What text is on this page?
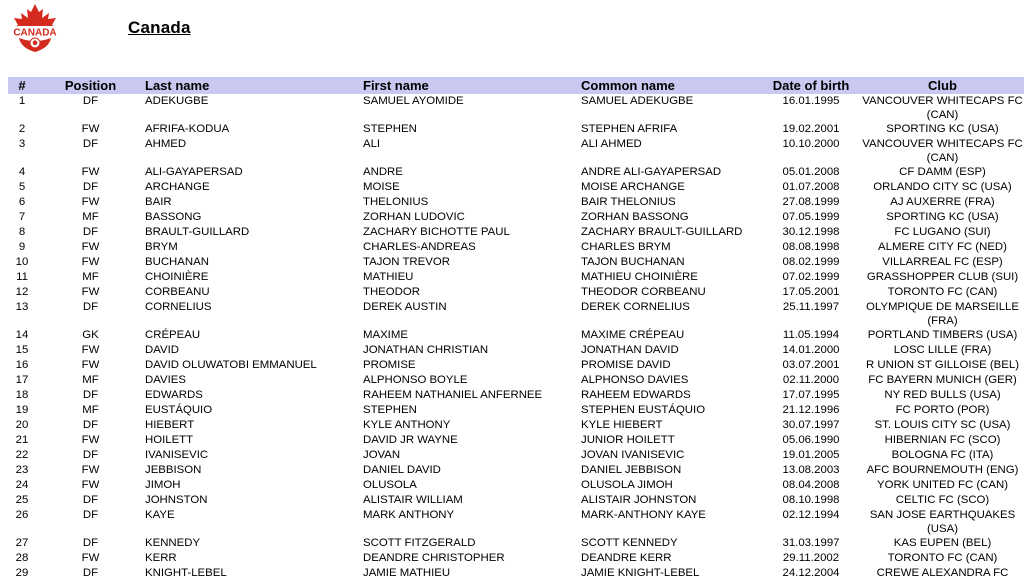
CANADA	Canada
#	Position	Last name	First name	Common name	Date of birth	Club
1	DF	ADEKUGBE	SAMUEL AYOMIDE	SAMUEL ADEKUGBE	16.01.1995	VANCOUVER WHITECAPS FC (CAN)
2	FW	AFRIFA-KODUA	STEPHEN	STEPHEN AFRIFA	19.02.2001	SPORTING KC (USA)
3	DF	AHMED	ALI	ALI AHMED	10.10.2000	VANCOUVER WHITECAPS FC (CAN)
4	FW	ALI-GAYAPERSAD	ANDRE	ANDRE ALI-GAYAPERSAD	05.01.2008	CF DAMM (ESP)
5	DF	ARCHANGE	MOISE	MOISE ARCHANGE	01.07.2008	ORLANDO CITY SC (USA)
6	FW	BAIR	THELONIUS	BAIR THELONIUS	27.08.1999	AJ AUXERRE (FRA)
7	MF	BASSONG	ZORHAN LUDOVIC	ZORHAN BASSONG	07.05.1999	SPORTING KC (USA)
8	DF	BRAULT-GUILLARD	ZACHARY BICHOTTE PAUL	ZACHARY BRAULT-GUILLARD	30.12.1998	FC LUGANO (SUI)
9	FW	BRYM	CHARLES-ANDREAS	CHARLES BRYM	08.08.1998	ALMERE CITY FC (NED)
10	FW	BUCHANAN	TAJON TREVOR	TAJON BUCHANAN	08.02.1999	VILLARREAL FC (ESP)
11	MF	CHOINIÈRE	MATHIEU	MATHIEU CHOINIÈRE	07.02.1999	GRASSHOPPER CLUB (SUI)
12	FW	CORBEANU	THEODOR	THEODOR CORBEANU	17.05.2001	TORONTO FC (CAN)
13	DF	CORNELIUS	DEREK AUSTIN	DEREK CORNELIUS	25.11.1997	OLYMPIQUE DE MARSEILLE (FRA)
14	GK	CRÉPEAU	MAXIME	MAXIME CRÉPEAU	11.05.1994	PORTLAND TIMBERS (USA)
15	FW	DAVID	JONATHAN CHRISTIAN	JONATHAN DAVID	14.01.2000	LOSC LILLE (FRA)
16	FW	DAVID OLUWATOBI EMMANUEL	PROMISE	PROMISE DAVID	03.07.2001	R UNION ST GILLOISE (BEL)
17	MF	DAVIES	ALPHONSO BOYLE	ALPHONSO DAVIES	02.11.2000	FC BAYERN MUNICH (GER)
18	DF	EDWARDS	RAHEEM NATHANIEL ANFERNEE	RAHEEM EDWARDS	17.07.1995	NY RED BULLS (USA)
19	MF	EUSTÁQUIO	STEPHEN	STEPHEN EUSTÁQUIO	21.12.1996	FC PORTO (POR)
20	DF	HIEBERT	KYLE ANTHONY	KYLE HIEBERT	30.07.1997	ST. LOUIS CITY SC (USA)
21	FW	HOILETT	DAVID JR WAYNE	JUNIOR HOILETT	05.06.1990	HIBERNIAN FC (SCO)
22	DF	IVANISEVIC	JOVAN	JOVAN IVANISEVIC	19.01.2005	BOLOGNA FC (ITA)
23	FW	JEBBISON	DANIEL DAVID	DANIEL JEBBISON	13.08.2003	AFC BOURNEMOUTH (ENG)
24	FW	JIMOH	OLUSOLA	OLUSOLA JIMOH	08.04.2008	YORK UNITED FC (CAN)
25	DF	JOHNSTON	ALISTAIR WILLIAM	ALISTAIR JOHNSTON	08.10.1998	CELTIC FC (SCO)
26	DF	KAYE	MARK ANTHONY	MARK-ANTHONY KAYE	02.12.1994	SAN JOSE EARTHQUAKES (USA)
27	DF	KENNEDY	SCOTT FITZGERALD	SCOTT KENNEDY	31.03.1997	KAS EUPEN (BEL)
28	FW	KERR	DEANDRE CHRISTOPHER	DEANDRE KERR	29.11.2002	TORONTO FC (CAN)
29	DF	KNIGHT-LEBEL	JAMIE MATHIEU	JAMIE KNIGHT-LEBEL	24.12.2004	CREWE ALEXANDRA FC
